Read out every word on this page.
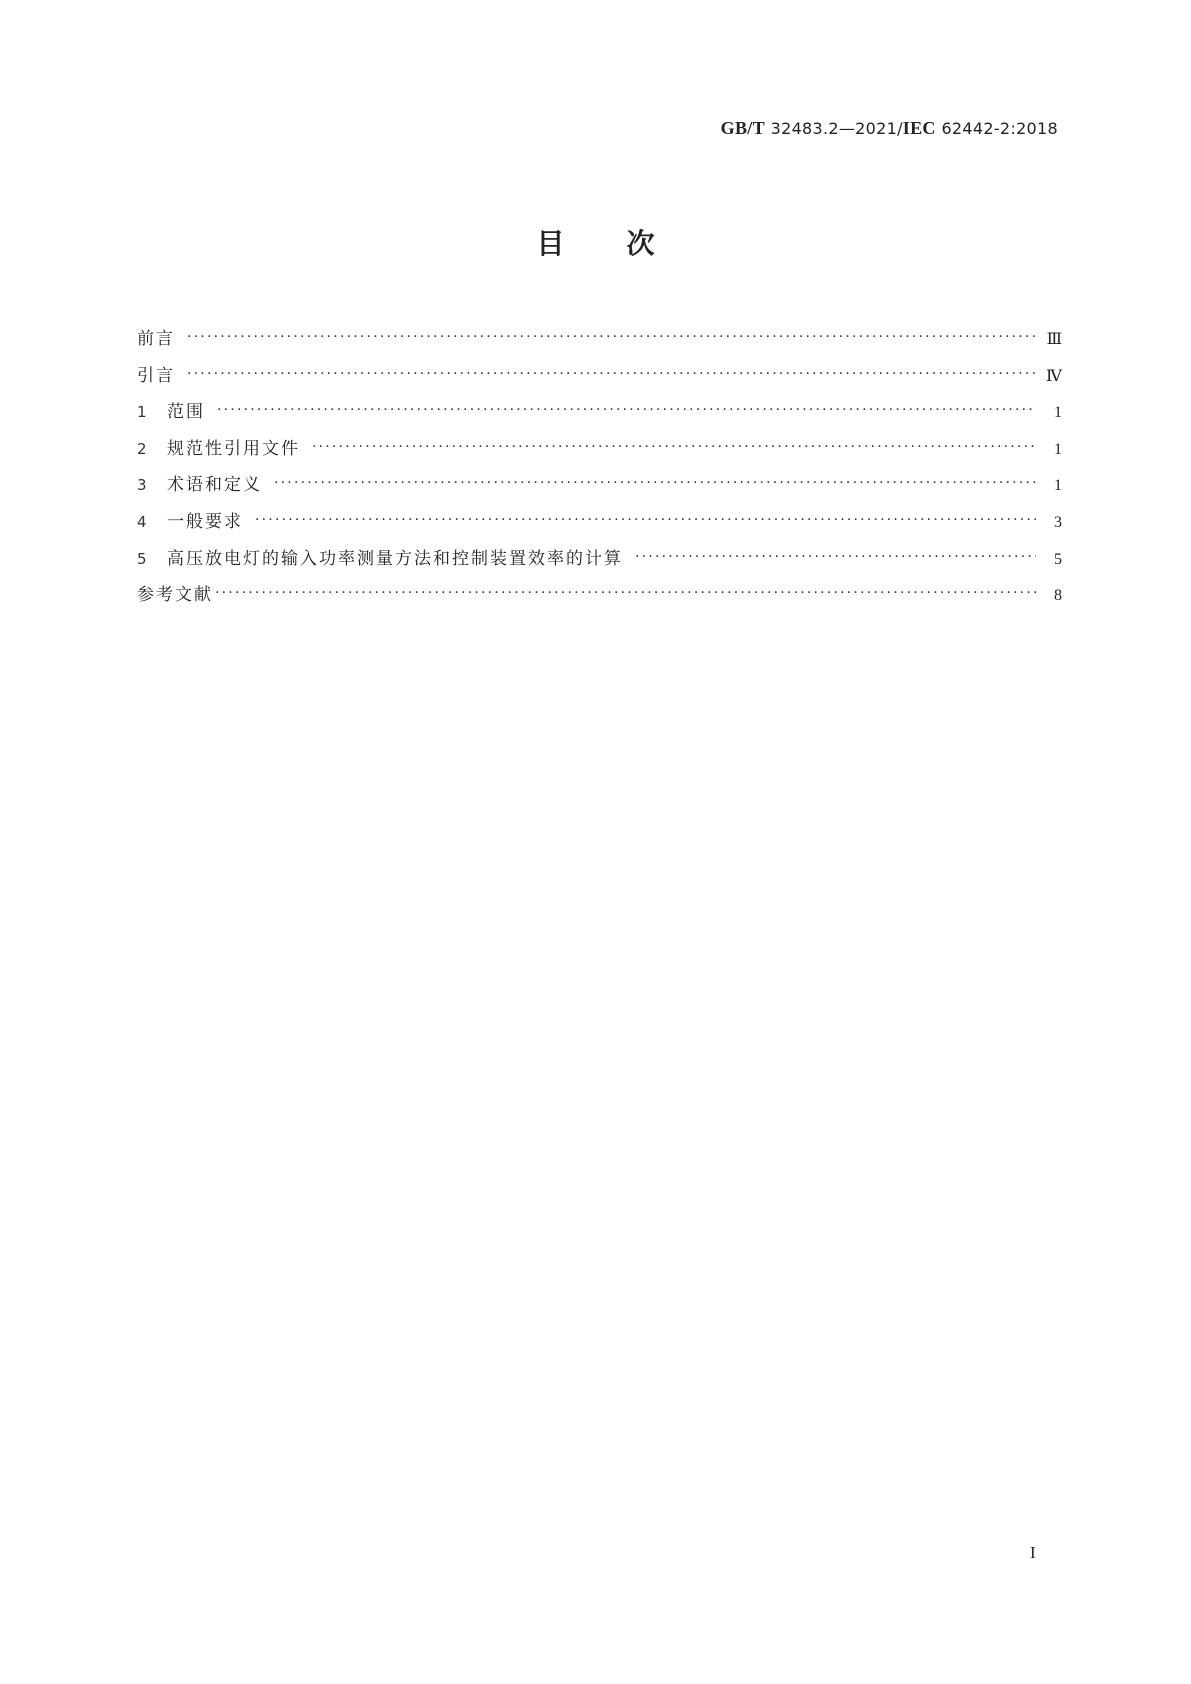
GB/T 32483.2—2021/IEC 62442-2:2018
目 次
前言 ·····	Ⅲ
引言 ·····	Ⅳ
1	范围 ·····	1
2	规范性引用文件 ·····	1
3	术语和定义 ·····	1
4	一般要求 ·····	3
5	高压放电灯的输入功率测量方法和控制装置效率的计算 ·····	5
参考文献 ·····	8
I
